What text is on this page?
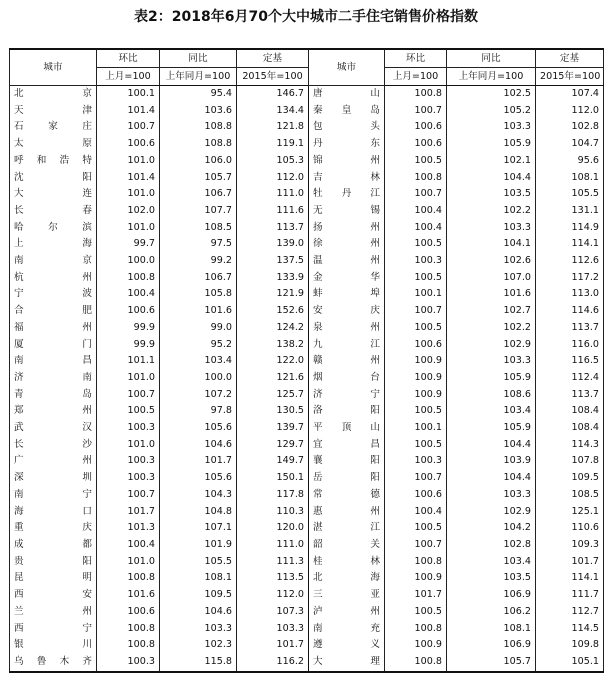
表2：2018年6月70个大中城市二手住宅销售价格指数
城市	环比	同比	定基	城市	环比	同比	定基
	上月=100	上年同月=100	2015年=100		上月=100	上年同月=100	2015年=100
北　京	100.1	95.4	146.7	唐　山	100.8	102.5	107.4
天　津	101.4	103.6	134.4	秦皇岛	100.7	105.2	112.0
石家庄	100.7	108.8	121.8	包　头	100.6	103.3	102.8
太　原	100.6	108.8	119.1	丹　东	100.6	105.9	104.7
呼和浩特	101.0	106.0	105.3	锦　州	100.5	102.1	95.6
沈　阳	101.4	105.7	112.0	吉　林	100.8	104.4	108.1
大　连	101.0	106.7	111.0	牡丹江	100.7	103.5	105.5
长　春	102.0	107.7	111.6	无　锡	100.4	102.2	131.1
哈尔滨	101.0	108.5	113.7	扬　州	100.4	103.3	114.9
上　海	99.7	97.5	139.0	徐　州	100.5	104.1	114.1
南　京	100.0	99.2	137.5	温　州	100.3	102.6	112.6
杭　州	100.8	106.7	133.9	金　华	100.5	107.0	117.2
宁　波	100.4	105.8	121.9	蚌　埠	100.1	101.6	113.0
合　肥	100.6	101.6	152.6	安　庆	100.7	102.7	114.6
福　州	99.9	99.0	124.2	泉　州	100.5	102.2	113.7
厦　门	99.9	95.2	138.2	九　江	100.6	102.9	116.0
南　昌	101.1	103.4	122.0	赣　州	100.9	103.3	116.5
济　南	101.0	100.0	121.6	烟　台	100.9	105.9	112.4
青　岛	100.7	107.2	125.7	济　宁	100.9	108.6	113.7
郑　州	100.5	97.8	130.5	洛　阳	100.5	103.4	108.4
武　汉	100.3	105.6	139.7	平顶山	100.1	105.9	108.4
长　沙	101.0	104.6	129.7	宜　昌	100.5	104.4	114.3
广　州	100.3	101.7	149.7	襄　阳	100.3	103.9	107.8
深　圳	100.3	105.6	150.1	岳　阳	100.7	104.4	109.5
南　宁	100.7	104.3	117.8	常　德	100.6	103.3	108.5
海　口	101.7	104.8	110.3	惠　州	100.4	102.9	125.1
重　庆	101.3	107.1	120.0	湛　江	100.5	104.2	110.6
成　都	100.4	101.9	111.0	韶　关	100.7	102.8	109.3
贵　阳	101.0	105.5	111.3	桂　林	100.8	103.4	101.7
昆　明	100.8	108.1	113.5	北　海	100.9	103.5	114.1
西　安	101.6	109.5	112.0	三　亚	101.7	106.9	111.7
兰　州	100.6	104.6	107.3	泸　州	100.5	106.2	112.7
西　宁	100.8	103.3	103.3	南　充	100.8	108.1	114.5
银　川	100.8	102.3	101.7	遵　义	100.9	106.9	109.8
乌鲁木齐	100.3	115.8	116.2	大　理	100.8	105.7	105.1
